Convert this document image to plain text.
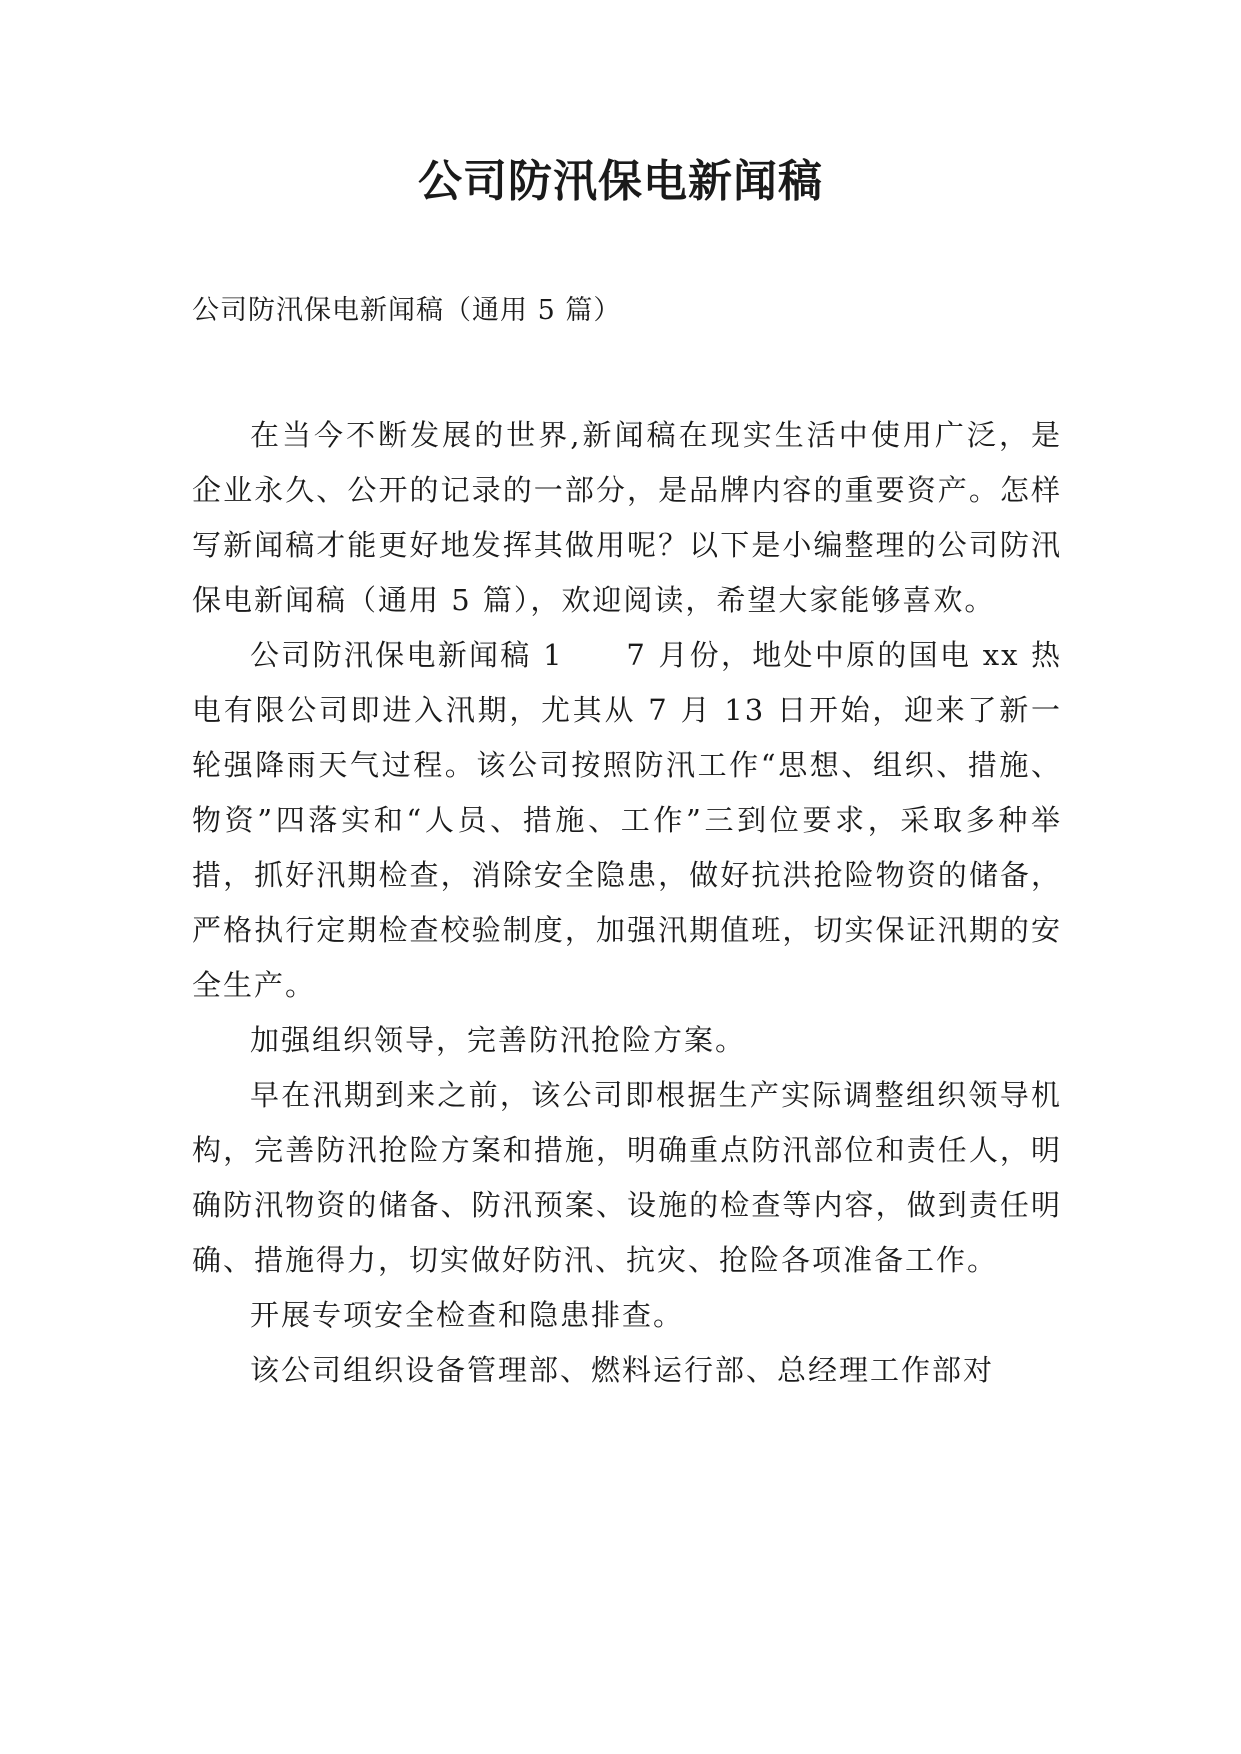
公司防汛保电新闻稿

公司防汛保电新闻稿（通用 5 篇）

在当今不断发展的世界,新闻稿在现实生活中使用广泛，是企业永久、公开的记录的一部分，是品牌内容的重要资产。怎样写新闻稿才能更好地发挥其做用呢？以下是小编整理的公司防汛保电新闻稿（通用 5 篇），欢迎阅读，希望大家能够喜欢。

公司防汛保电新闻稿 1　　7 月份，地处中原的国电 xx 热电有限公司即进入汛期，尤其从 7 月 13 日开始，迎来了新一轮强降雨天气过程。该公司按照防汛工作“思想、组织、措施、物资”四落实和“人员、措施、工作”三到位要求，采取多种举措，抓好汛期检查，消除安全隐患，做好抗洪抢险物资的储备，严格执行定期检查校验制度，加强汛期值班，切实保证汛期的安全生产。

加强组织领导，完善防汛抢险方案。

早在汛期到来之前，该公司即根据生产实际调整组织领导机构，完善防汛抢险方案和措施，明确重点防汛部位和责任人，明确防汛物资的储备、防汛预案、设施的检查等内容，做到责任明确、措施得力，切实做好防汛、抗灾、抢险各项准备工作。

开展专项安全检查和隐患排查。

该公司组织设备管理部、燃料运行部、总经理工作部对
